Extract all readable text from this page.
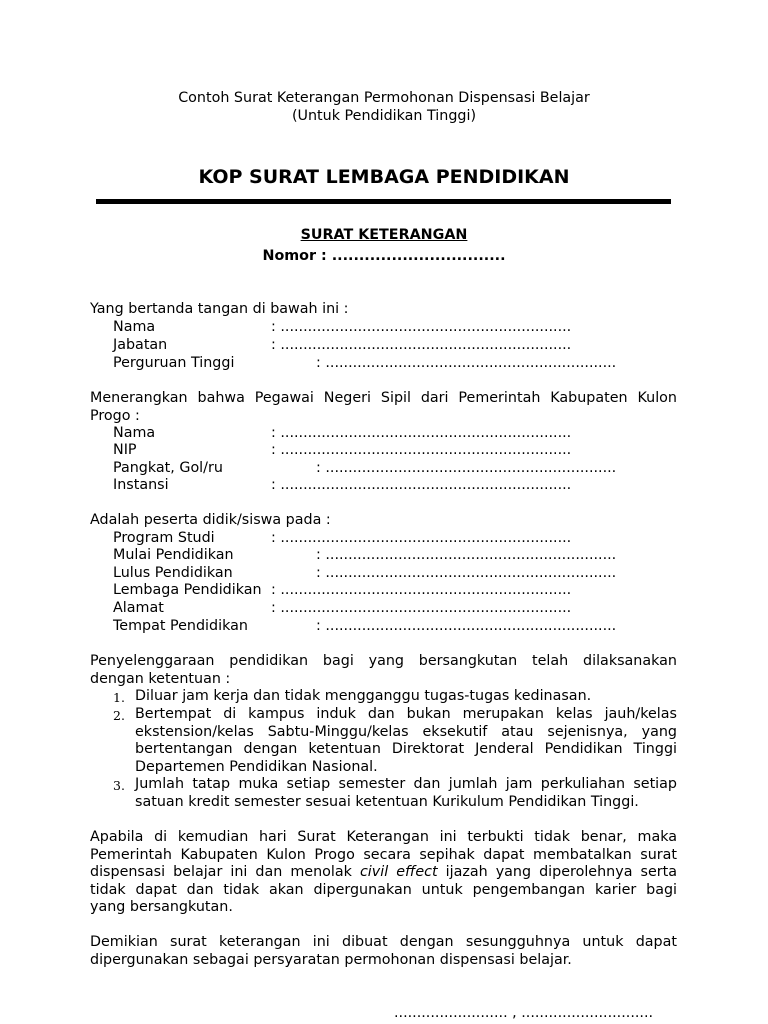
Contoh Surat Keterangan Permohonan Dispensasi Belajar
(Untuk Pendidikan Tinggi)
KOP SURAT LEMBAGA PENDIDIKAN
SURAT KETERANGAN
Nomor : ................................
Yang bertanda tangan di bawah ini :
Nama	: ................................................................
Jabatan	: ................................................................
Perguruan Tinggi	: ................................................................
Menerangkan bahwa Pegawai Negeri Sipil dari Pemerintah Kabupaten Kulon
Progo :
Nama	: ................................................................
NIP	: ................................................................
Pangkat, Gol/ru	: ................................................................
Instansi	: ................................................................
Adalah peserta didik/siswa pada :
Program Studi	: ................................................................
Mulai Pendidikan	: ................................................................
Lulus Pendidikan	: ................................................................
Lembaga Pendidikan : ................................................................
Alamat	: ................................................................
Tempat Pendidikan	: ................................................................
Penyelenggaraan pendidikan bagi yang bersangkutan telah dilaksanakan
dengan ketentuan :
1. Diluar jam kerja dan tidak mengganggu tugas-tugas kedinasan.
2. Bertempat di kampus induk dan bukan merupakan kelas jauh/kelas
ekstension/kelas Sabtu-Minggu/kelas eksekutif atau sejenisnya, yang
bertentangan dengan ketentuan Direktorat Jenderal Pendidikan Tinggi
Departemen Pendidikan Nasional.
3. Jumlah tatap muka setiap semester dan jumlah jam perkuliahan setiap
satuan kredit semester sesuai ketentuan Kurikulum Pendidikan Tinggi.
Apabila di kemudian hari Surat Keterangan ini terbukti tidak benar, maka
Pemerintah Kabupaten Kulon Progo secara sepihak dapat membatalkan surat
dispensasi belajar ini dan menolak civil effect ijazah yang diperolehnya serta
tidak dapat dan tidak akan dipergunakan untuk pengembangan karier bagi
yang bersangkutan.
Demikian surat keterangan ini dibuat dengan sesungguhnya untuk dapat
dipergunakan sebagai persyaratan permohonan dispensasi belajar.
......................... , .............................
